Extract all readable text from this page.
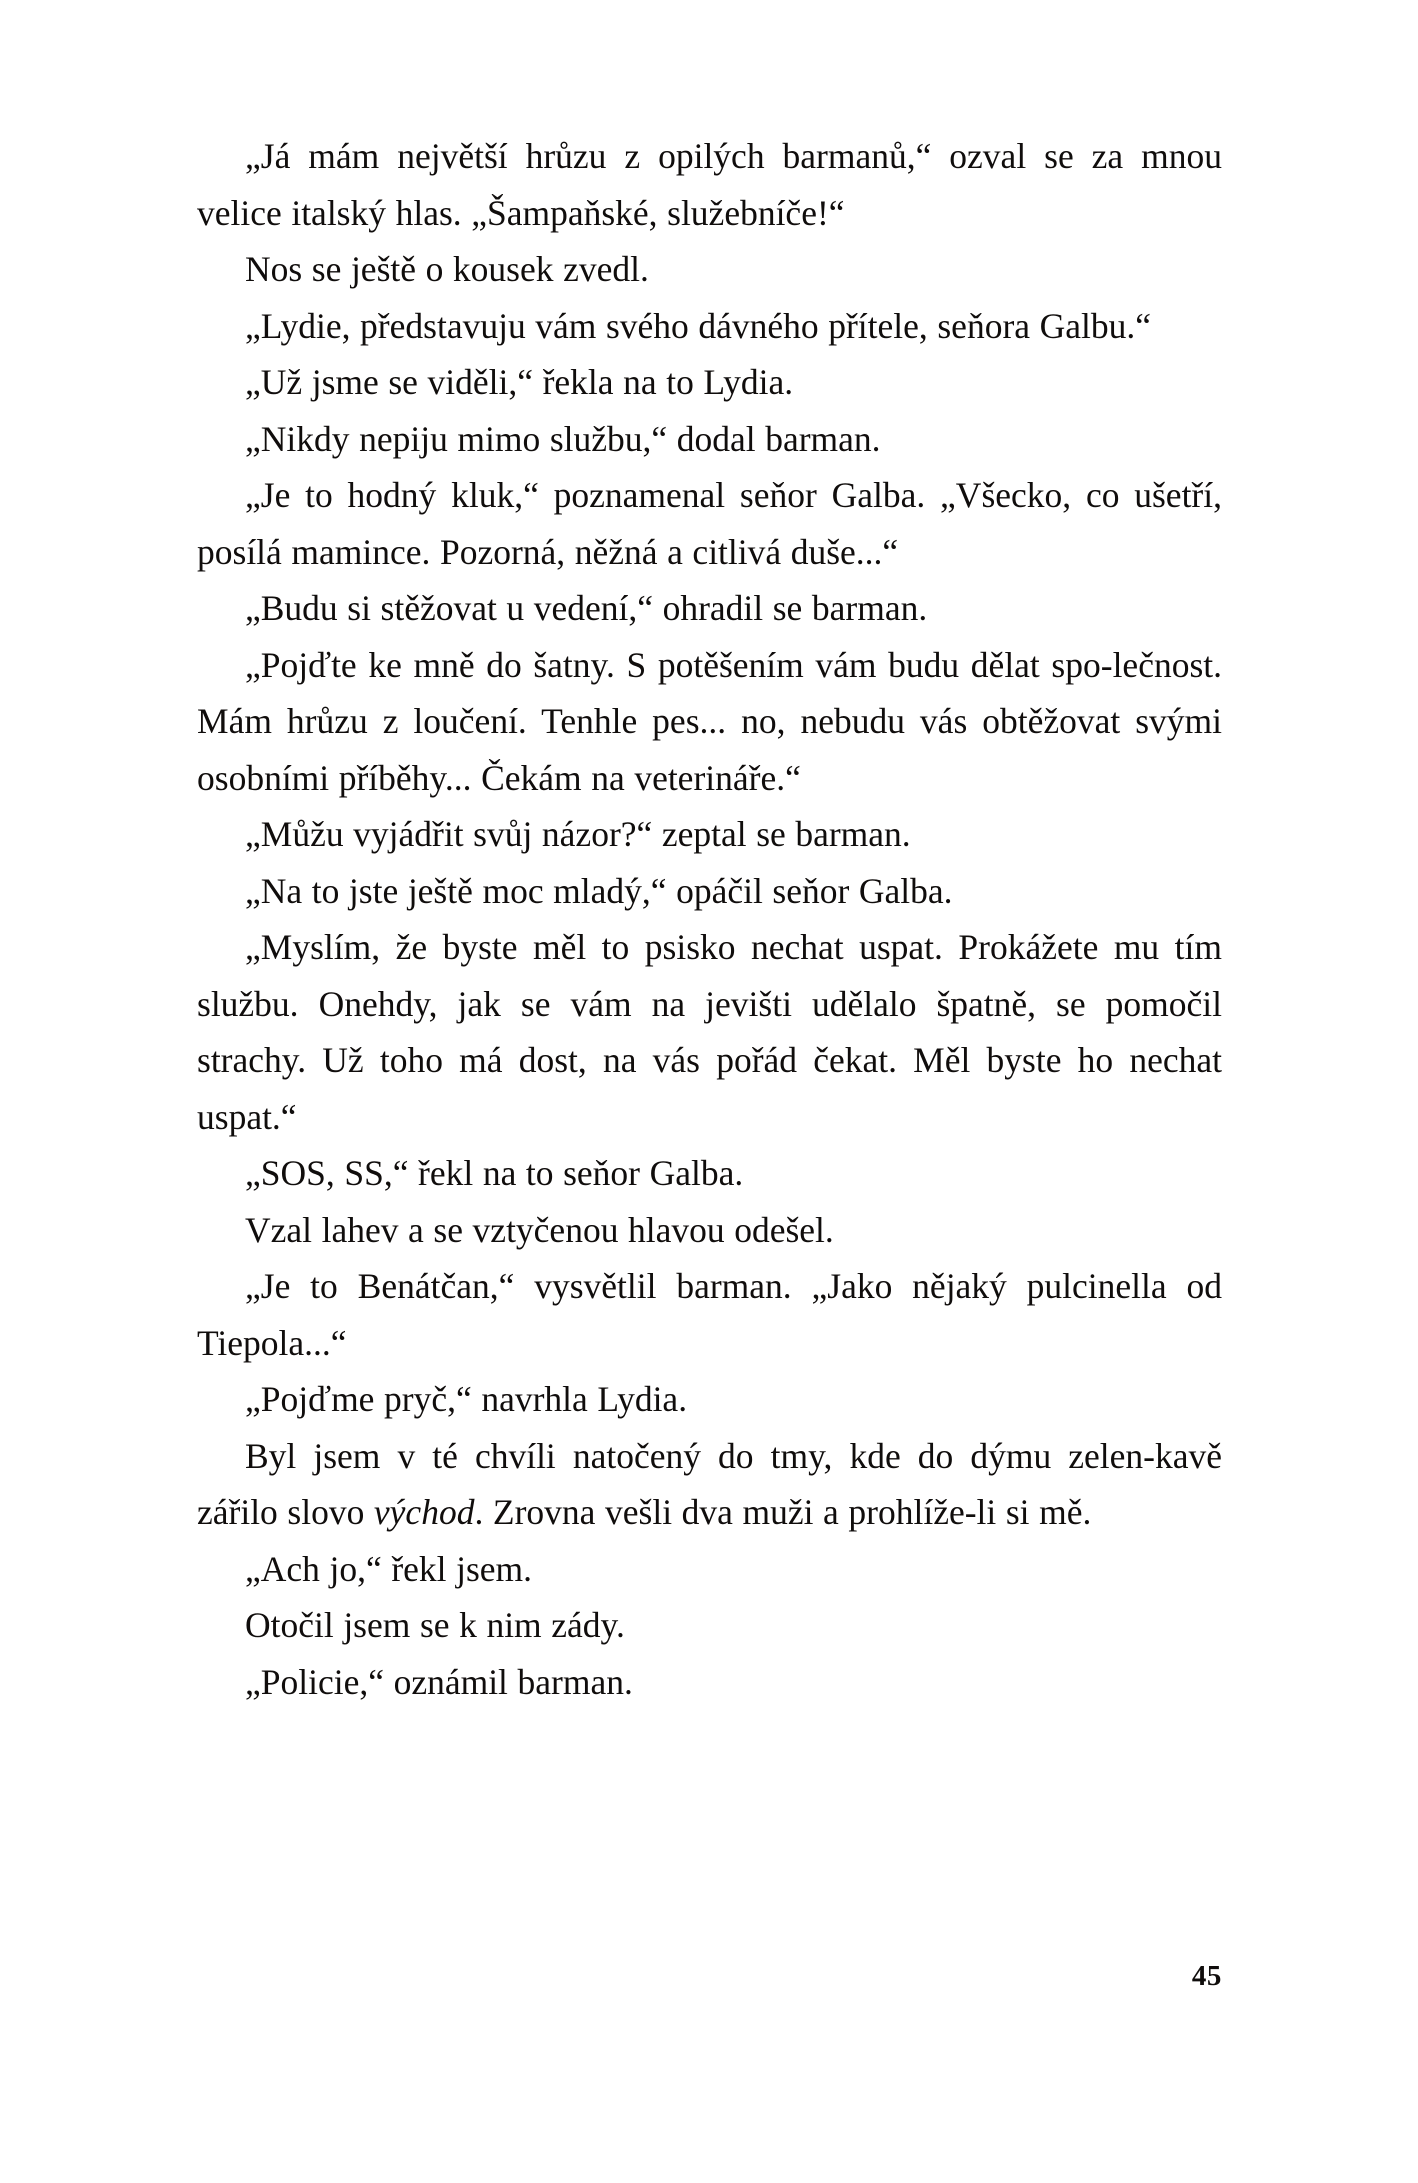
„Já mám největší hrůzu z opilých barmanů,“ ozval se za mnou velice italský hlas. „Šampaňské, služebníče!“

Nos se ještě o kousek zvedl.

„Lydie, představuju vám svého dávného přítele, seňora Galbu.“

„Už jsme se viděli,“ řekla na to Lydia.

„Nikdy nepiju mimo službu,“ dodal barman.

„Je to hodný kluk,“ poznamenal seňor Galba. „Všecko, co ušetří, posílá mamince. Pozorná, něžná a citlivá duše...“

„Budu si stěžovat u vedení,“ ohradil se barman.

„Pojďte ke mně do šatny. S potěšením vám budu dělat spo-lečnost. Mám hrůzu z loučení. Tenhle pes... no, nebudu vás obtěžovat svými osobními příběhy... Čekám na veterináře.“

„Můžu vyjádřit svůj názor?“ zeptal se barman.

„Na to jste ještě moc mladý,“ opáčil seňor Galba.

„Myslím, že byste měl to psisko nechat uspat. Prokážete mu tím službu. Onehdy, jak se vám na jevišti udělalo špatně, se pomočil strachy. Už toho má dost, na vás pořád čekat. Měl byste ho nechat uspat.“

„SOS, SS,“ řekl na to seňor Galba.

Vzal lahev a se vztyčenou hlavou odešel.

„Je to Benátčan,“ vysvětlil barman. „Jako nějaký pulcinella od Tiepola...“

„Pojďme pryč,“ navrhla Lydia.

Byl jsem v té chvíli natočený do tmy, kde do dýmu zelen-kavě zářilo slovo východ. Zrovna vešli dva muži a prohlíže-li si mě.

„Ach jo,“ řekl jsem.

Otočil jsem se k nim zády.

„Policie,“ oznámil barman.

45
